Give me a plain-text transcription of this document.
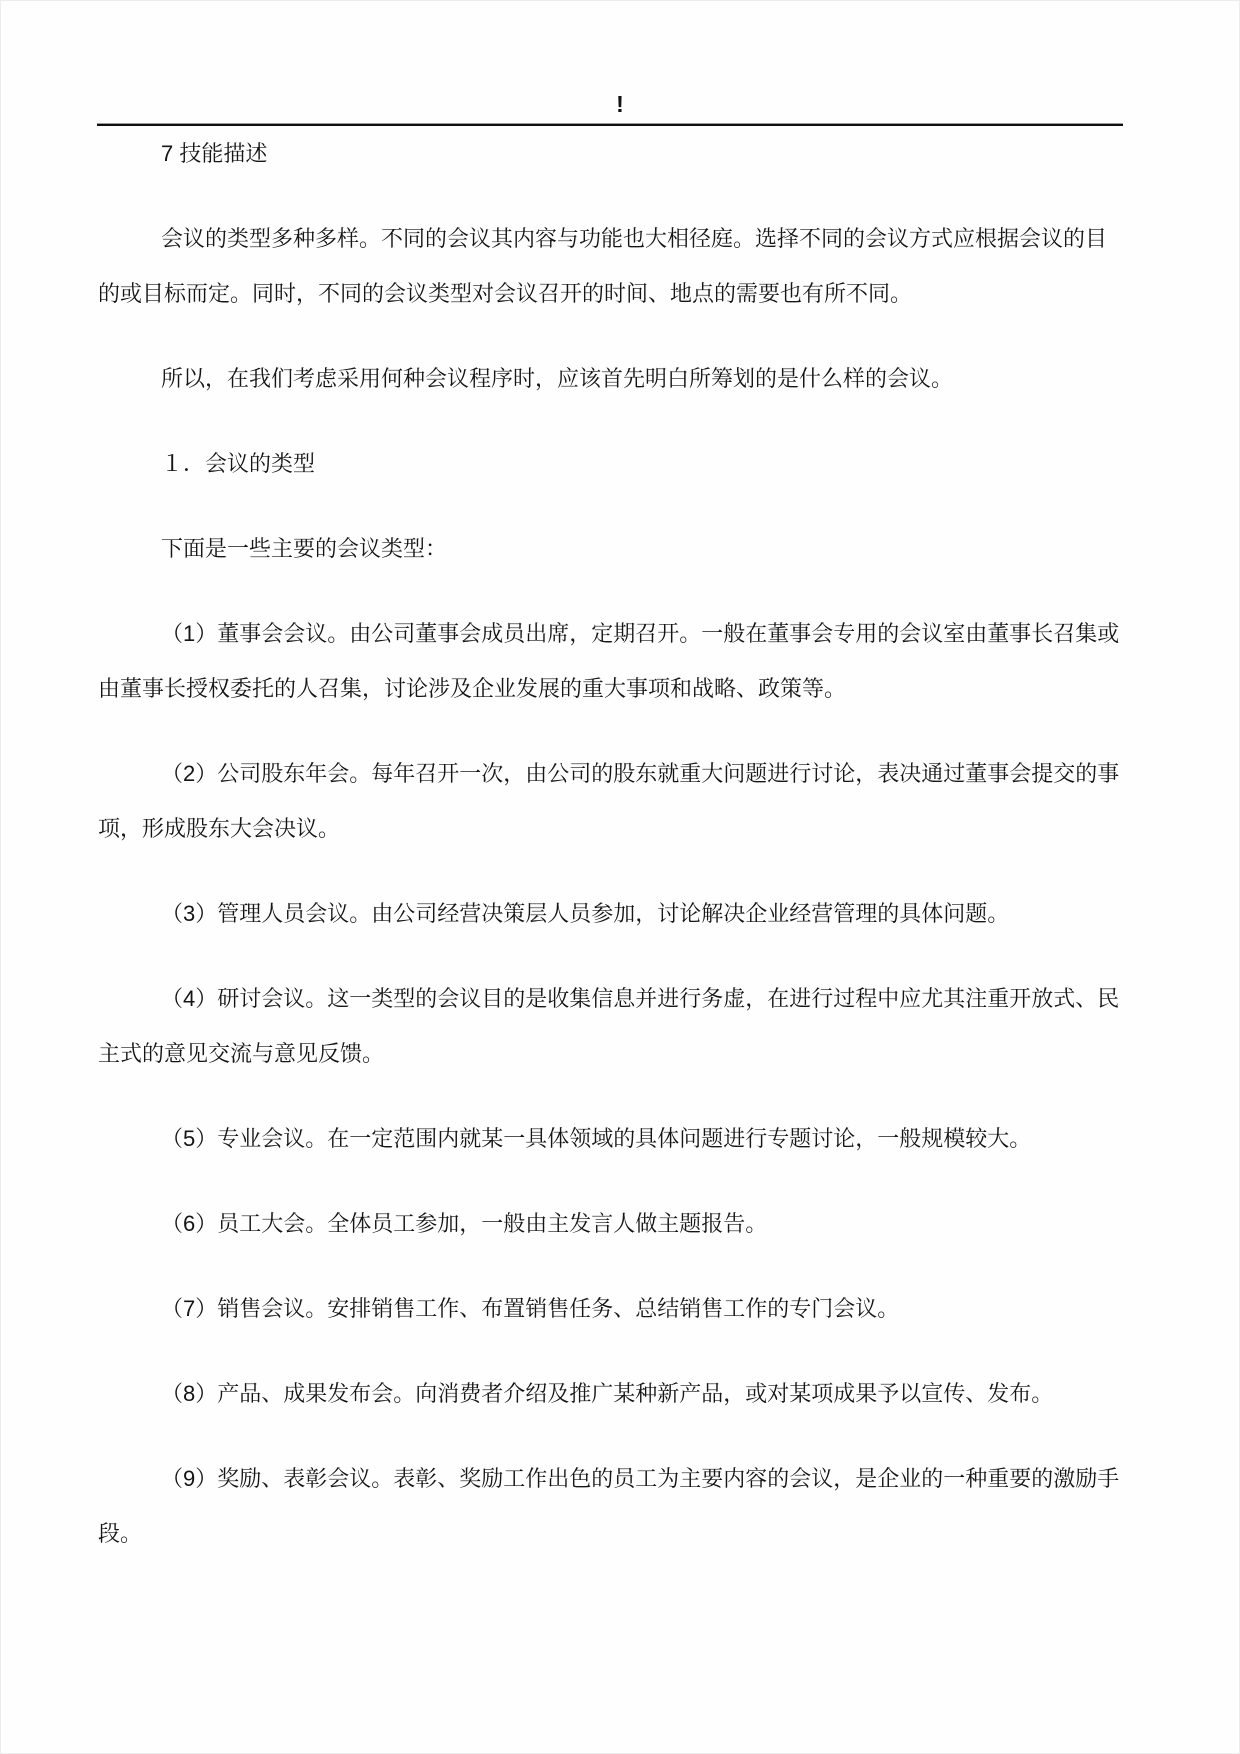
!

7 技能描述

会议的类型多种多样。不同的会议其内容与功能也大相径庭。选择不同的会议方式应根据会议的目的或目标而定。同时，不同的会议类型对会议召开的时间、地点的需要也有所不同。

所以，在我们考虑采用何种会议程序时，应该首先明白所筹划的是什么样的会议。

１．会议的类型

下面是一些主要的会议类型：

（1）董事会会议。由公司董事会成员出席，定期召开。一般在董事会专用的会议室由董事长召集或由董事长授权委托的人召集，讨论涉及企业发展的重大事项和战略、政策等。

（2）公司股东年会。每年召开一次，由公司的股东就重大问题进行讨论，表决通过董事会提交的事项，形成股东大会决议。

（3）管理人员会议。由公司经营决策层人员参加，讨论解决企业经营管理的具体问题。

（4）研讨会议。这一类型的会议目的是收集信息并进行务虚，在进行过程中应尤其注重开放式、民主式的意见交流与意见反馈。

（5）专业会议。在一定范围内就某一具体领域的具体问题进行专题讨论，一般规模较大。

（6）员工大会。全体员工参加，一般由主发言人做主题报告。

（7）销售会议。安排销售工作、布置销售任务、总结销售工作的专门会议。

（8）产品、成果发布会。向消费者介绍及推广某种新产品，或对某项成果予以宣传、发布。

（9）奖励、表彰会议。表彰、奖励工作出色的员工为主要内容的会议，是企业的一种重要的激励手段。
